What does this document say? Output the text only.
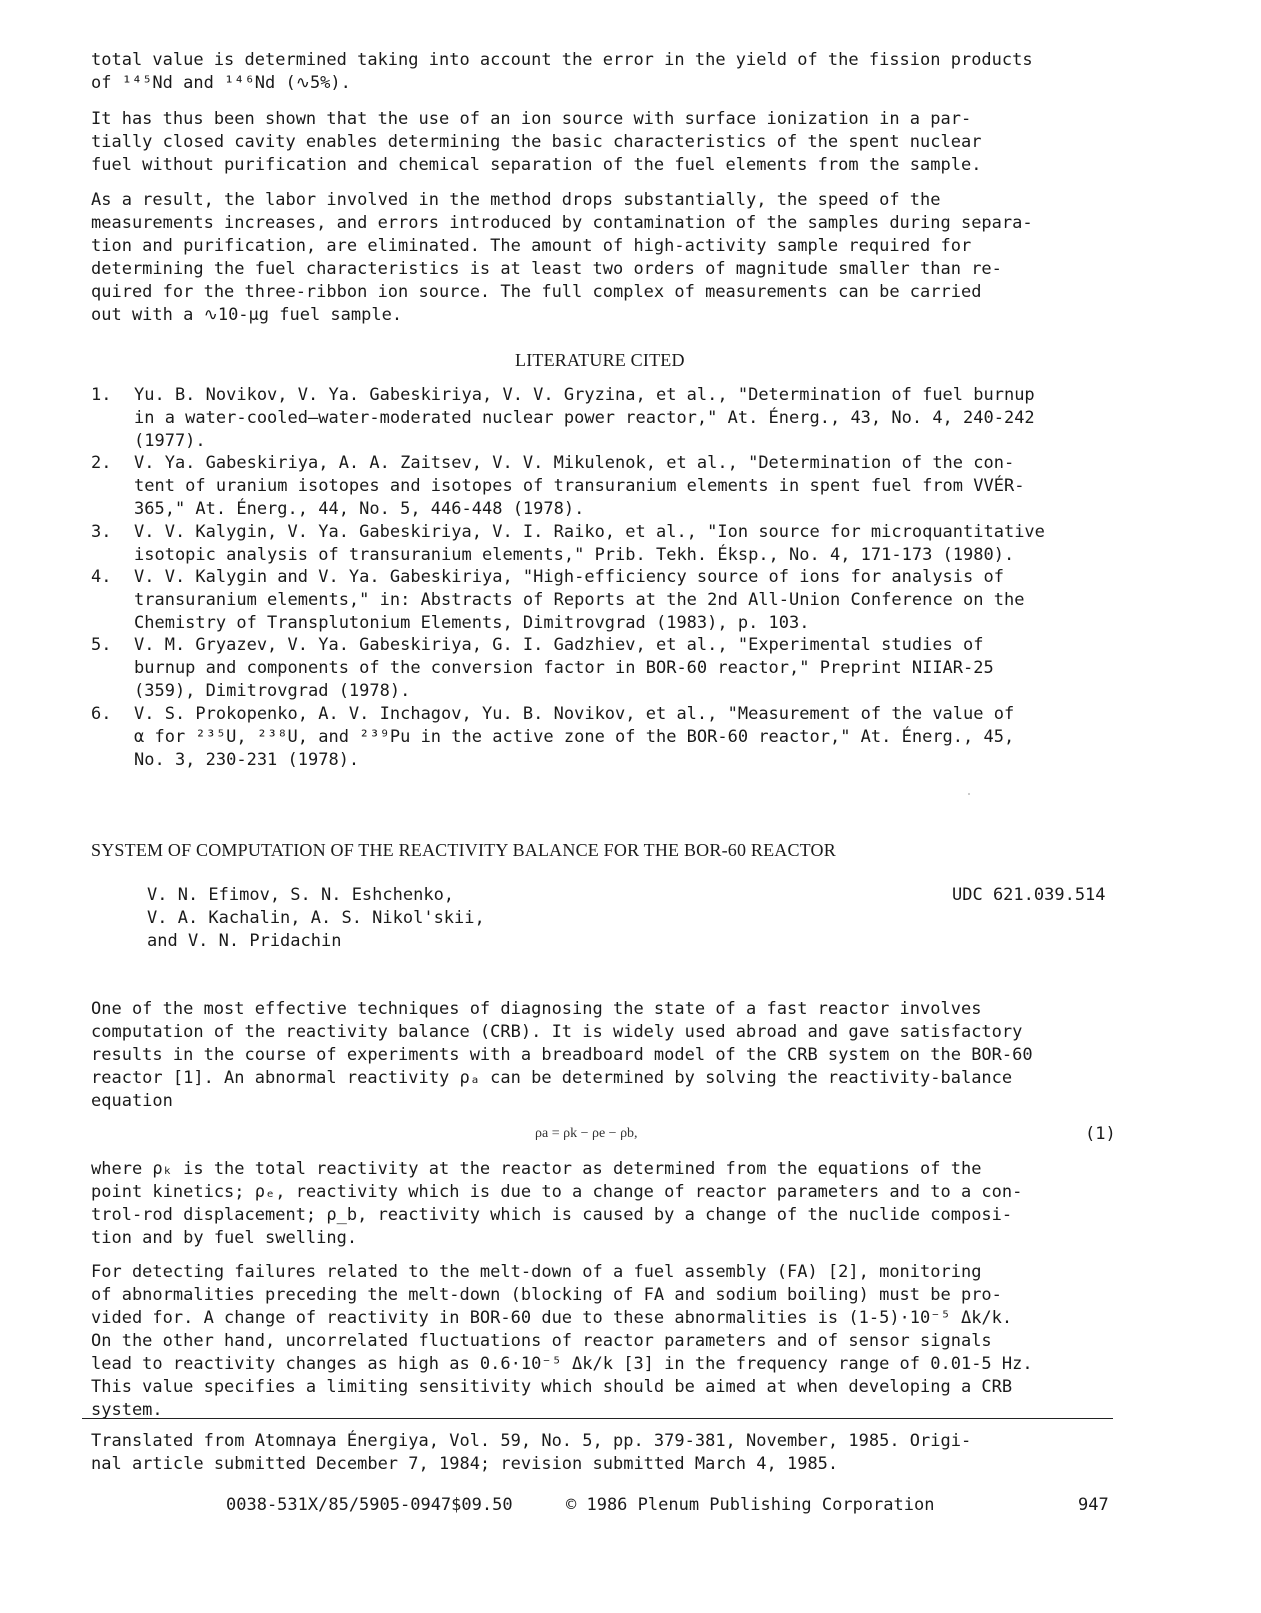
total value is determined taking into account the error in the yield of the fission products
of ¹⁴⁵Nd and ¹⁴⁶Nd (∿5%).

It has thus been shown that the use of an ion source with surface ionization in a par-
tially closed cavity enables determining the basic characteristics of the spent nuclear
fuel without purification and chemical separation of the fuel elements from the sample.

As a result, the labor involved in the method drops substantially, the speed of the
measurements increases, and errors introduced by contamination of the samples during separa-
tion and purification, are eliminated. The amount of high-activity sample required for
determining the fuel characteristics is at least two orders of magnitude smaller than re-
quired for the three-ribbon ion source. The full complex of measurements can be carried
out with a ∿10-μg fuel sample.

LITERATURE CITED
1.	Yu. B. Novikov, V. Ya. Gabeskiriya, V. V. Gryzina, et al., "Determination of fuel burnup
in a water-cooled—water-moderated nuclear power reactor," At. Énerg., 43, No. 4, 240-242
(1977).
2.	V. Ya. Gabeskiriya, A. A. Zaitsev, V. V. Mikulenok, et al., "Determination of the con-
tent of uranium isotopes and isotopes of transuranium elements in spent fuel from VVÉR-
365," At. Énerg., 44, No. 5, 446-448 (1978).
3.	V. V. Kalygin, V. Ya. Gabeskiriya, V. I. Raiko, et al., "Ion source for microquantitative
isotopic analysis of transuranium elements," Prib. Tekh. Éksp., No. 4, 171-173 (1980).
4.	V. V. Kalygin and V. Ya. Gabeskiriya, "High-efficiency source of ions for analysis of
transuranium elements," in: Abstracts of Reports at the 2nd All-Union Conference on the
Chemistry of Transplutonium Elements, Dimitrovgrad (1983), p. 103.
5.	V. M. Gryazev, V. Ya. Gabeskiriya, G. I. Gadzhiev, et al., "Experimental studies of
burnup and components of the conversion factor in BOR-60 reactor," Preprint NIIAR-25
(359), Dimitrovgrad (1978).
6.	V. S. Prokopenko, A. V. Inchagov, Yu. B. Novikov, et al., "Measurement of the value of
α for ²³⁵U, ²³⁸U, and ²³⁹Pu in the active zone of the BOR-60 reactor," At. Énerg., 45,
No. 3, 230-231 (1978).
SYSTEM OF COMPUTATION OF THE REACTIVITY BALANCE FOR THE BOR-60 REACTOR

V. N. Efimov, S. N. Eshchenko,
V. A. Kachalin, A. S. Nikol'skii,
and V. N. Pridachin

UDC 621.039.514

One of the most effective techniques of diagnosing the state of a fast reactor involves
computation of the reactivity balance (CRB). It is widely used abroad and gave satisfactory
results in the course of experiments with a breadboard model of the CRB system on the BOR-60
reactor [1]. An abnormal reactivity ρₐ can be determined by solving the reactivity-balance
equation

ρa = ρk − ρe − ρb,	(1)

where ρₖ is the total reactivity at the reactor as determined from the equations of the
point kinetics; ρₑ, reactivity which is due to a change of reactor parameters and to a con-
trol-rod displacement; ρ_b, reactivity which is caused by a change of the nuclide composi-
tion and by fuel swelling.

For detecting failures related to the melt-down of a fuel assembly (FA) [2], monitoring
of abnormalities preceding the melt-down (blocking of FA and sodium boiling) must be pro-
vided for. A change of reactivity in BOR-60 due to these abnormalities is (1-5)·10⁻⁵ Δk/k.
On the other hand, uncorrelated fluctuations of reactor parameters and of sensor signals
lead to reactivity changes as high as 0.6·10⁻⁵ Δk/k [3] in the frequency range of 0.01-5 Hz.
This value specifies a limiting sensitivity which should be aimed at when developing a CRB
system.

Translated from Atomnaya Énergiya, Vol. 59, No. 5, pp. 379-381, November, 1985. Origi-
nal article submitted December 7, 1984; revision submitted March 4, 1985.

0038-531X/85/5905-0947$09.50	© 1986 Plenum Publishing Corporation	947
